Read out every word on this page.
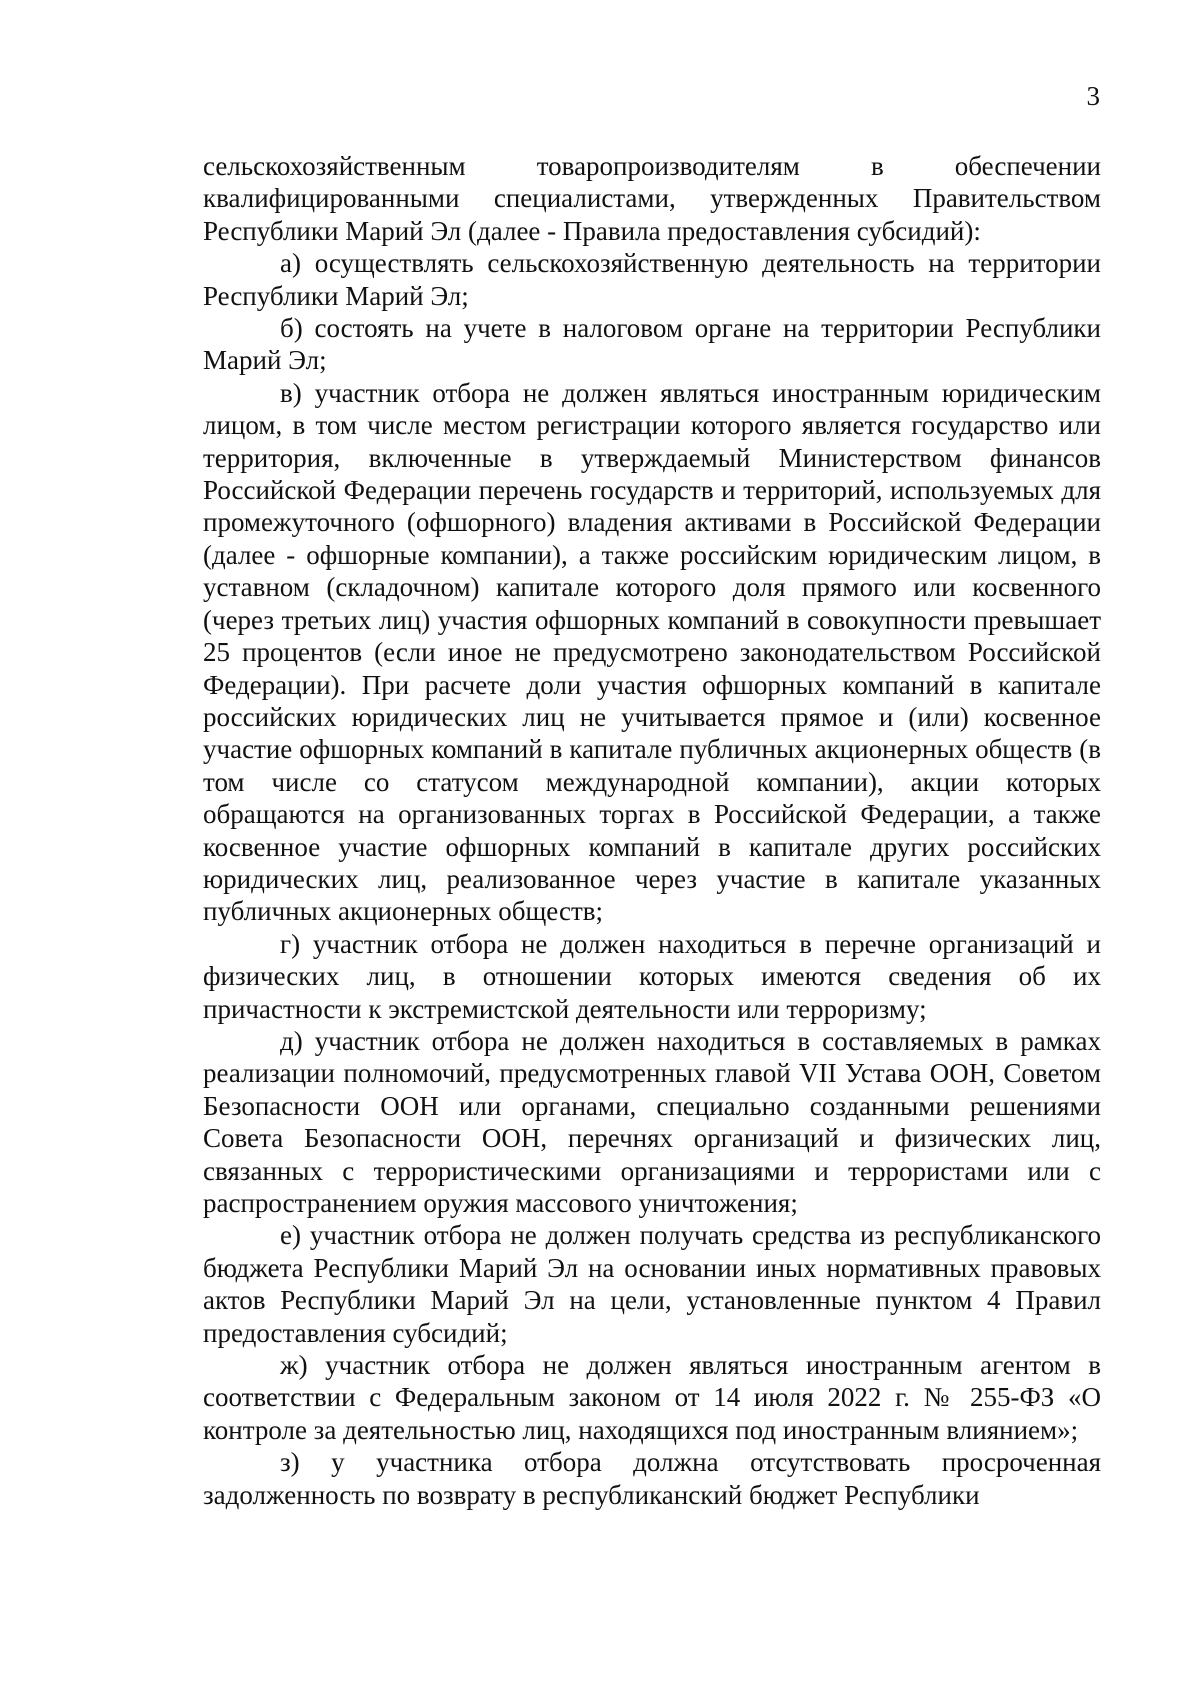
3

сельскохозяйственным товаропроизводителям в обеспечении квалифицированными специалистами, утвержденных Правительством Республики Марий Эл (далее - Правила предоставления субсидий):

а) осуществлять сельскохозяйственную деятельность на территории Республики Марий Эл;

б) состоять на учете в налоговом органе на территории Республики Марий Эл;

в) участник отбора не должен являться иностранным юридическим лицом, в том числе местом регистрации которого является государство или территория, включенные в утверждаемый Министерством финансов Российской Федерации перечень государств и территорий, используемых для промежуточного (офшорного) владения активами в Российской Федерации (далее - офшорные компании), а также российским юридическим лицом, в уставном (складочном) капитале которого доля прямого или косвенного (через третьих лиц) участия офшорных компаний в совокупности превышает 25 процентов (если иное не предусмотрено законодательством Российской Федерации). При расчете доли участия офшорных компаний в капитале российских юридических лиц не учитывается прямое и (или) косвенное участие офшорных компаний в капитале публичных акционерных обществ (в том числе со статусом международной компании), акции которых обращаются на организованных торгах в Российской Федерации, а также косвенное участие офшорных компаний в капитале других российских юридических лиц, реализованное через участие в капитале указанных публичных акционерных обществ;

г) участник отбора не должен находиться в перечне организаций и физических лиц, в отношении которых имеются сведения об их причастности к экстремистской деятельности или терроризму;

д) участник отбора не должен находиться в составляемых в рамках реализации полномочий, предусмотренных главой VII Устава ООН, Советом Безопасности ООН или органами, специально созданными решениями Совета Безопасности ООН, перечнях организаций и физических лиц, связанных с террористическими организациями и террористами или с распространением оружия массового уничтожения;

е) участник отбора не должен получать средства из республиканского бюджета Республики Марий Эл на основании иных нормативных правовых актов Республики Марий Эл на цели, установленные пунктом 4 Правил предоставления субсидий;

ж) участник отбора не должен являться иностранным агентом в соответствии с Федеральным законом от 14 июля 2022 г. № 255-ФЗ «О контроле за деятельностью лиц, находящихся под иностранным влиянием»;

з) у участника отбора должна отсутствовать просроченная задолженность по возврату в республиканский бюджет Республики
